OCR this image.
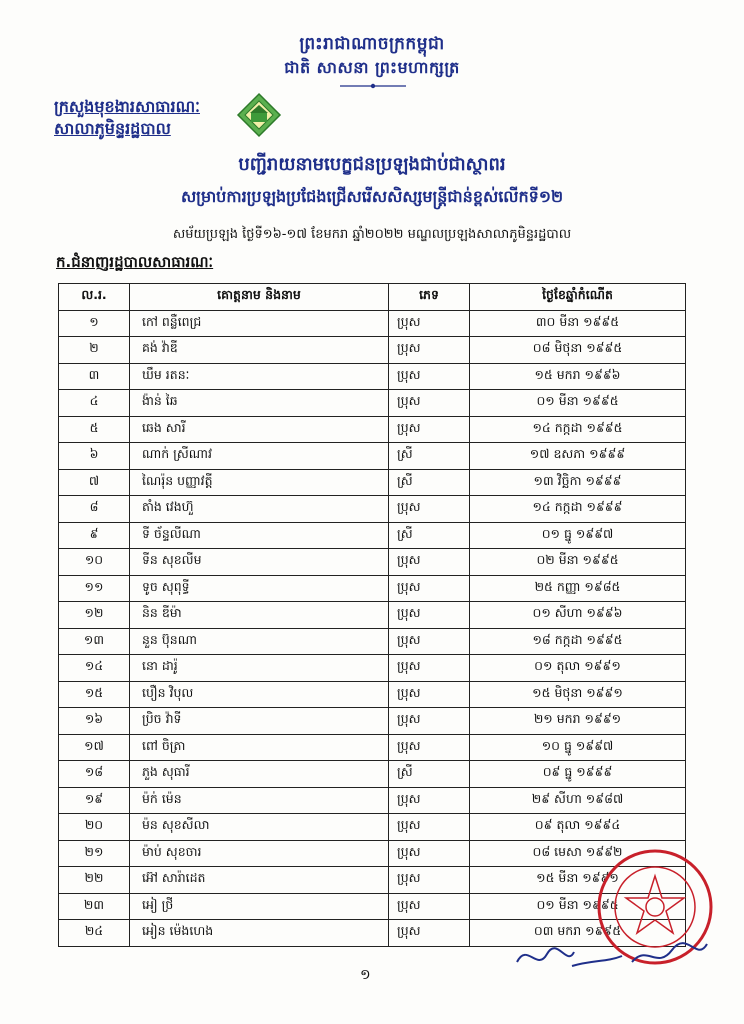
ព្រះរាជាណាចក្រកម្ពុជា
ជាតិ សាសនា ព្រះមហាក្សត្រ
ក្រសួងមុខងារសាធារណៈ
សាលាភូមិន្ទរដ្ឋបាល
បញ្ជីរាយនាមបេក្ខជនប្រឡងជាប់ជាស្ថាពរ
សម្រាប់ការប្រឡងប្រជែងជ្រើសរើសសិស្សមន្ត្រីជាន់ខ្ពស់លើកទី១២
សម័យប្រឡង ថ្ងៃទី១៦-១៧ ខែមករា ឆ្នាំ២០២២ មណ្ឌលប្រឡងសាលាភូមិន្ទរដ្ឋបាល
ក.ជំនាញរដ្ឋបាលសាធារណៈ
ល.រ.	គោត្តនាម និងនាម	ភេទ	ថ្ងៃខែឆ្នាំកំណើត
១	កៅ ពន្លឺពេជ្រ	ប្រុស	៣០ មីនា ១៩៩៥
២	គង់ វ៉ាឌី	ប្រុស	០៨ មិថុនា ១៩៩៥
៣	ឃឹម រតនៈ	ប្រុស	១៥ មករា ១៩៩៦
៤	ង៉ាន់ ឆៃ	ប្រុស	០១ មីនា ១៩៩៥
៥	ឆេង សារី	ប្រុស	១៤ កក្កដា ១៩៩៥
៦	ណាក់ ស្រីណាវ	ស្រី	១៧ ឧសភា ១៩៩៩
៧	ណៃរ៉ុន បញ្ញាវត្តី	ស្រី	១៣ វិច្ឆិកា ១៩៩៩
៨	តាំង វេងហ៊ួ	ប្រុស	១៤ កក្កដា ១៩៩៩
៩	ទី ច័ន្ទលីណា	ស្រី	០១ ធ្នូ ១៩៩៧
១០	ទីន សុខលីម	ប្រុស	០២ មីនា ១៩៩៥
១១	ទូច សុពុទ្ធី	ប្រុស	២៥ កញ្ញា ១៩៨៥
១២	និន ឌីម៉ា	ប្រុស	០១ សីហា ១៩៩៦
១៣	នួន ប៊ុនណា	ប្រុស	១៨ កក្កដា ១៩៩៥
១៤	នោ ដារ៉ូ	ប្រុស	០១ តុលា ១៩៩១
១៥	បឿន វិបុល	ប្រុស	១៥ មិថុនា ១៩៩១
១៦	ប្រិច វ៉ាទី	ប្រុស	២១ មករា ១៩៩១
១៧	ពៅ ចិត្រា	ប្រុស	១០ ធ្នូ ១៩៩៧
១៨	ភួង សុធារី	ស្រី	០៩ ធ្នូ ១៩៩៩
១៩	ម៉ក់ ម៉េន	ប្រុស	២៩ សីហា ១៩៨៧
២០	ម៉ន សុខសីលា	ប្រុស	០៩ តុលា ១៩៩៤
២១	ម៉ាប់ សុខចារ	ប្រុស	០៨ មេសា ១៩៩២
២២	អ៊ៅ សារ៉ាដេត	ប្រុស	១៥ មីនា ១៩៩១
២៣	អៀ ថ្រី	ប្រុស	០១ មីនា ១៩៩៥
២៤	អៀន ម៉េងហេង	ប្រុស	០៣ មករា ១៩៩៥
១
